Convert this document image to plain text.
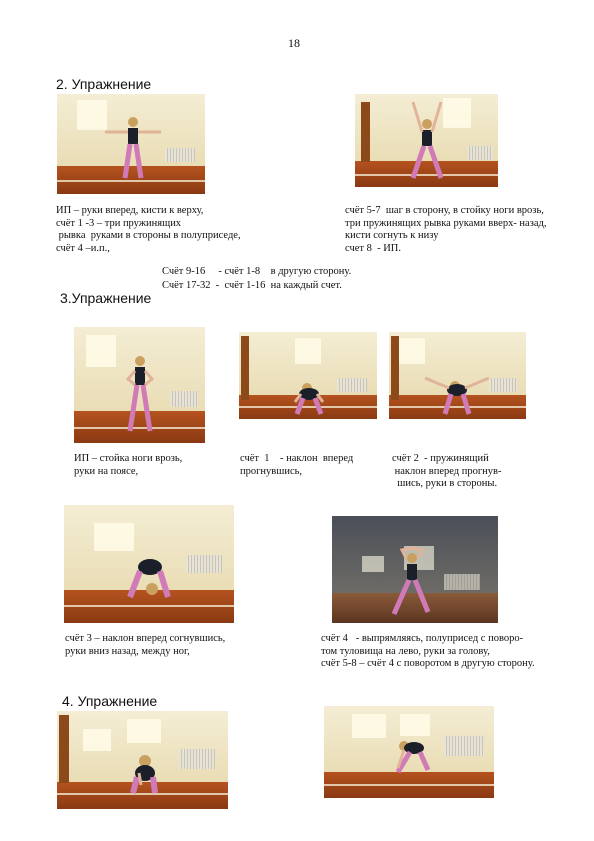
18
2. Упражнение
ИП – руки вперед, кисти к верху,
счёт 1 -3 – три пружинящих
рывка  руками в стороны в полуприседе,
счёт 4 –и.п.,
счёт 5-7  шаг в сторону, в стойку ноги врозь,
три пружинящих рывка руками вверх- назад,
кисти согнуть к низу
счет 8  - ИП.
Счёт 9-16     - счёт 1-8    в другую сторону.
Счёт 17-32  -  счёт 1-16  на каждый счет.
3.Упражнение
ИП – стойка ноги врозь,
руки на поясе,
счёт  1    - наклон  вперед
прогнувшись,
счёт 2  - пружинящий
наклон вперед прогнув-
шись, руки в стороны.
счёт 3 – наклон вперед согнувшись,
руки вниз назад, между ног,
счёт 4   - выпрямляясь, полуприсед с поворо-
том туловища на лево, руки за голову,
счёт 5-8 – счёт 4 с поворотом в другую сторону.
4. Упражнение
